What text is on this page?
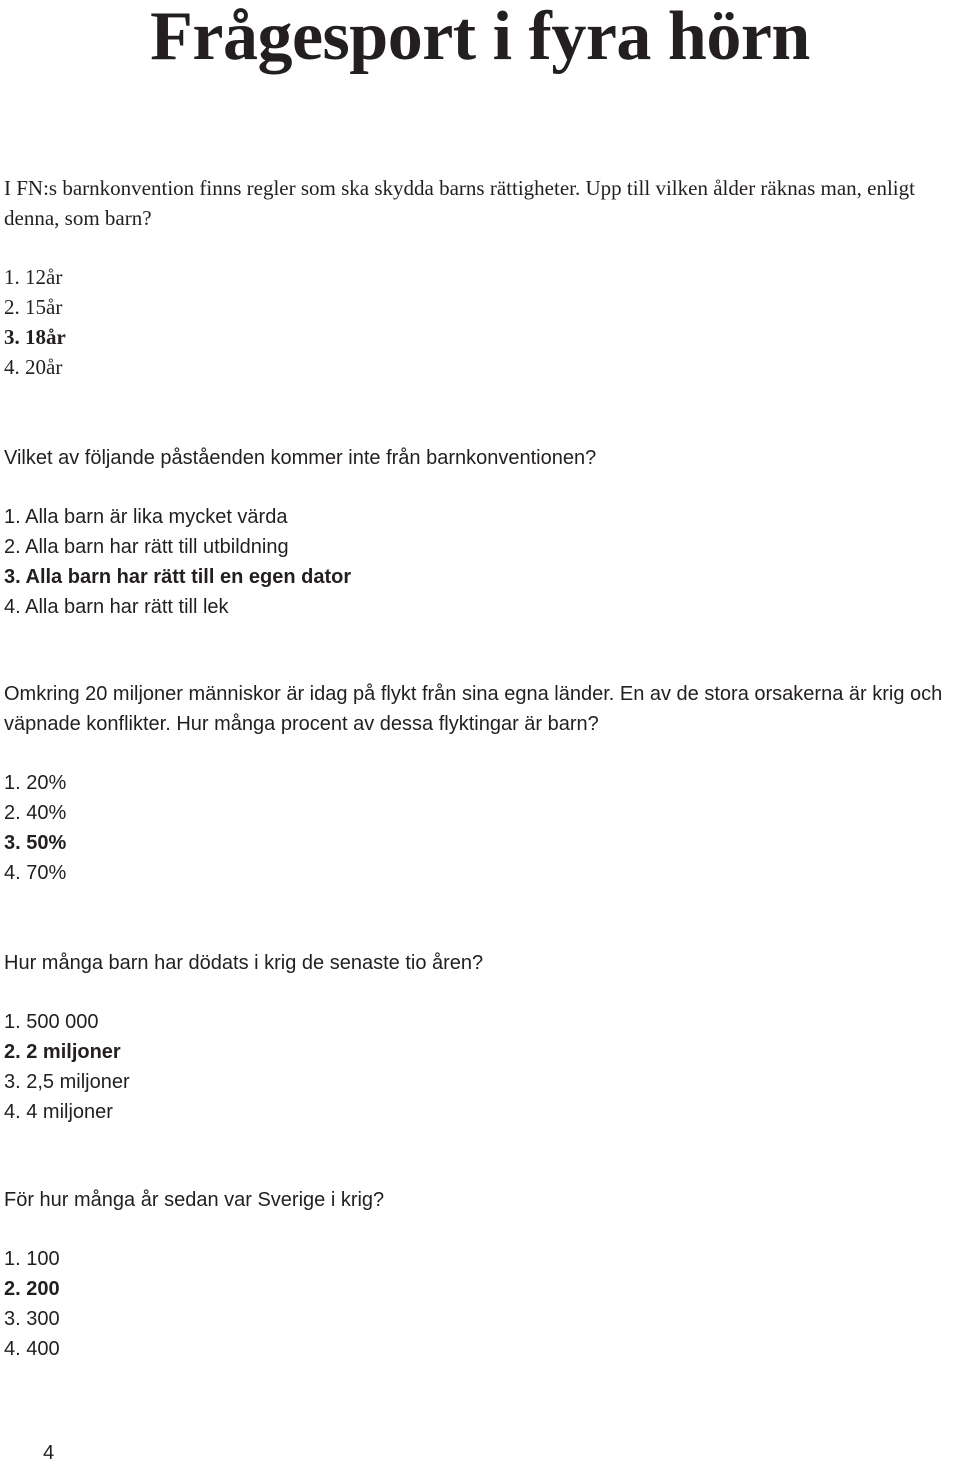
Frågesport i fyra hörn
I FN:s barnkonvention finns regler som ska skydda barns rättigheter. Upp till vilken ålder räknas man, enligt denna, som barn?
1. 12år
2. 15år
3. 18år
4. 20år
Vilket av följande påståenden kommer inte från barnkonventionen?
1. Alla barn är lika mycket värda
2. Alla barn har rätt till utbildning
3. Alla barn har rätt till en egen dator
4. Alla barn har rätt till lek
Omkring 20 miljoner människor är idag på flykt från sina egna länder. En av de stora orsakerna är krig och väpnade konflikter. Hur många procent av dessa flyktingar är barn?
1. 20%
2. 40%
3. 50%
4. 70%
Hur många barn har dödats i krig de senaste tio åren?
1. 500 000
2. 2 miljoner
3. 2,5 miljoner
4. 4 miljoner
För hur många år sedan var Sverige i krig?
1. 100
2. 200
3. 300
4. 400

4
